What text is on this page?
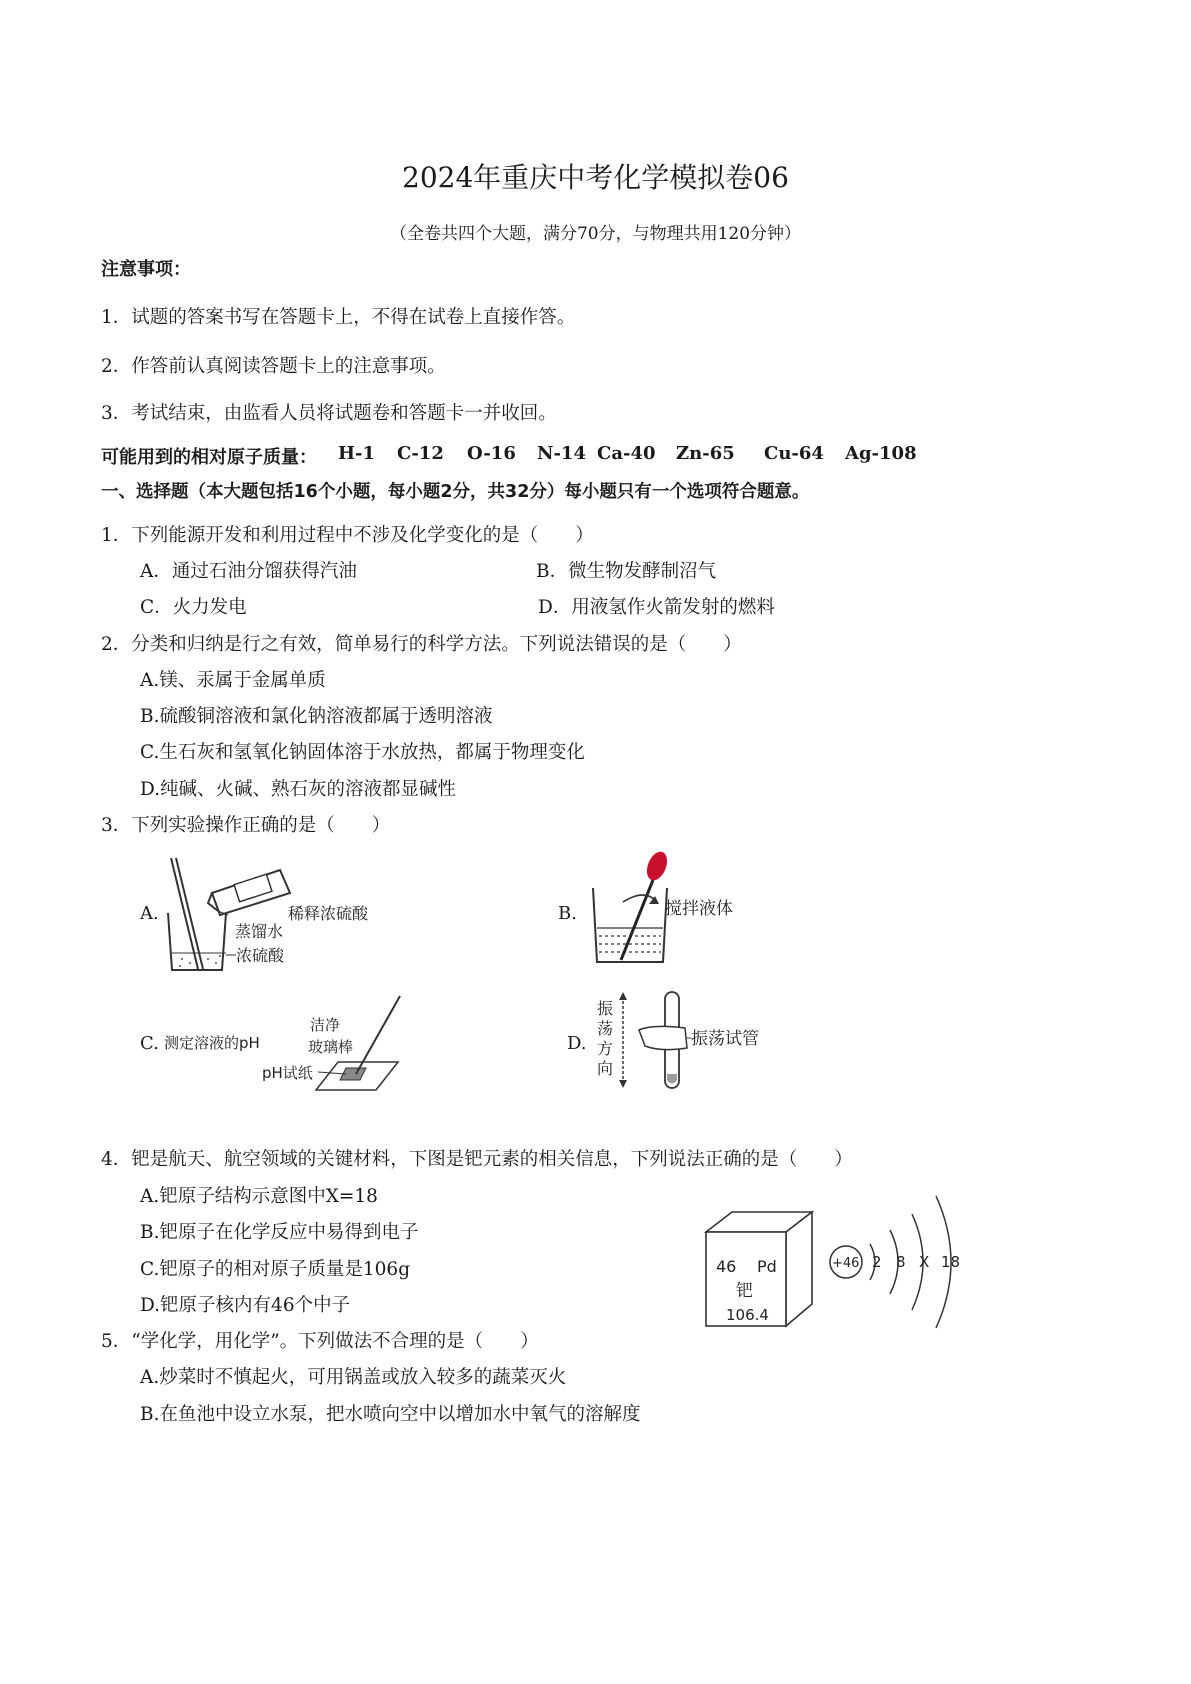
2024年重庆中考化学模拟卷06
（全卷共四个大题，满分70分，与物理共用120分钟）
注意事项：
1．试题的答案书写在答题卡上，不得在试卷上直接作答。
2．作答前认真阅读答题卡上的注意事项。
3．考试结束，由监看人员将试题卷和答题卡一并收回。
可能用到的相对原子质量： H-1 C-12 O-16 N-14 Ca-40 Zn-65 Cu-64 Ag-108
一、选择题（本大题包括16个小题，每小题2分，共32分）每小题只有一个选项符合题意。
1．下列能源开发和利用过程中不涉及化学变化的是（　　）
A．通过石油分馏获得汽油	B．微生物发酵制沼气
C．火力发电	D．用液氢作火箭发射的燃料
2．分类和归纳是行之有效，简单易行的科学方法。下列说法错误的是（　　）
A.镁、汞属于金属单质
B.硫酸铜溶液和氯化钠溶液都属于透明溶液
C.生石灰和氢氧化钠固体溶于水放热，都属于物理变化
D.纯碱、火碱、熟石灰的溶液都显碱性
3．下列实验操作正确的是（　　）
A.	稀释浓硫酸
蒸馏水
浓硫酸
B.	搅拌液体
C. 测定溶液的pH
洁净
玻璃棒
pH试纸
D.
振
荡
方
向
振荡试管
4．钯是航天、航空领域的关键材料，下图是钯元素的相关信息，下列说法正确的是（　　）
A.钯原子结构示意图中X=18
B.钯原子在化学反应中易得到电子
C.钯原子的相对原子质量是106g
D.钯原子核内有46个中子
46 Pd
钯
106.4
+46 2 8 X 18
5．“学化学，用化学”。下列做法不合理的是（　　）
A.炒菜时不慎起火，可用锅盖或放入较多的蔬菜灭火
B.在鱼池中设立水泵，把水喷向空中以增加水中氧气的溶解度
